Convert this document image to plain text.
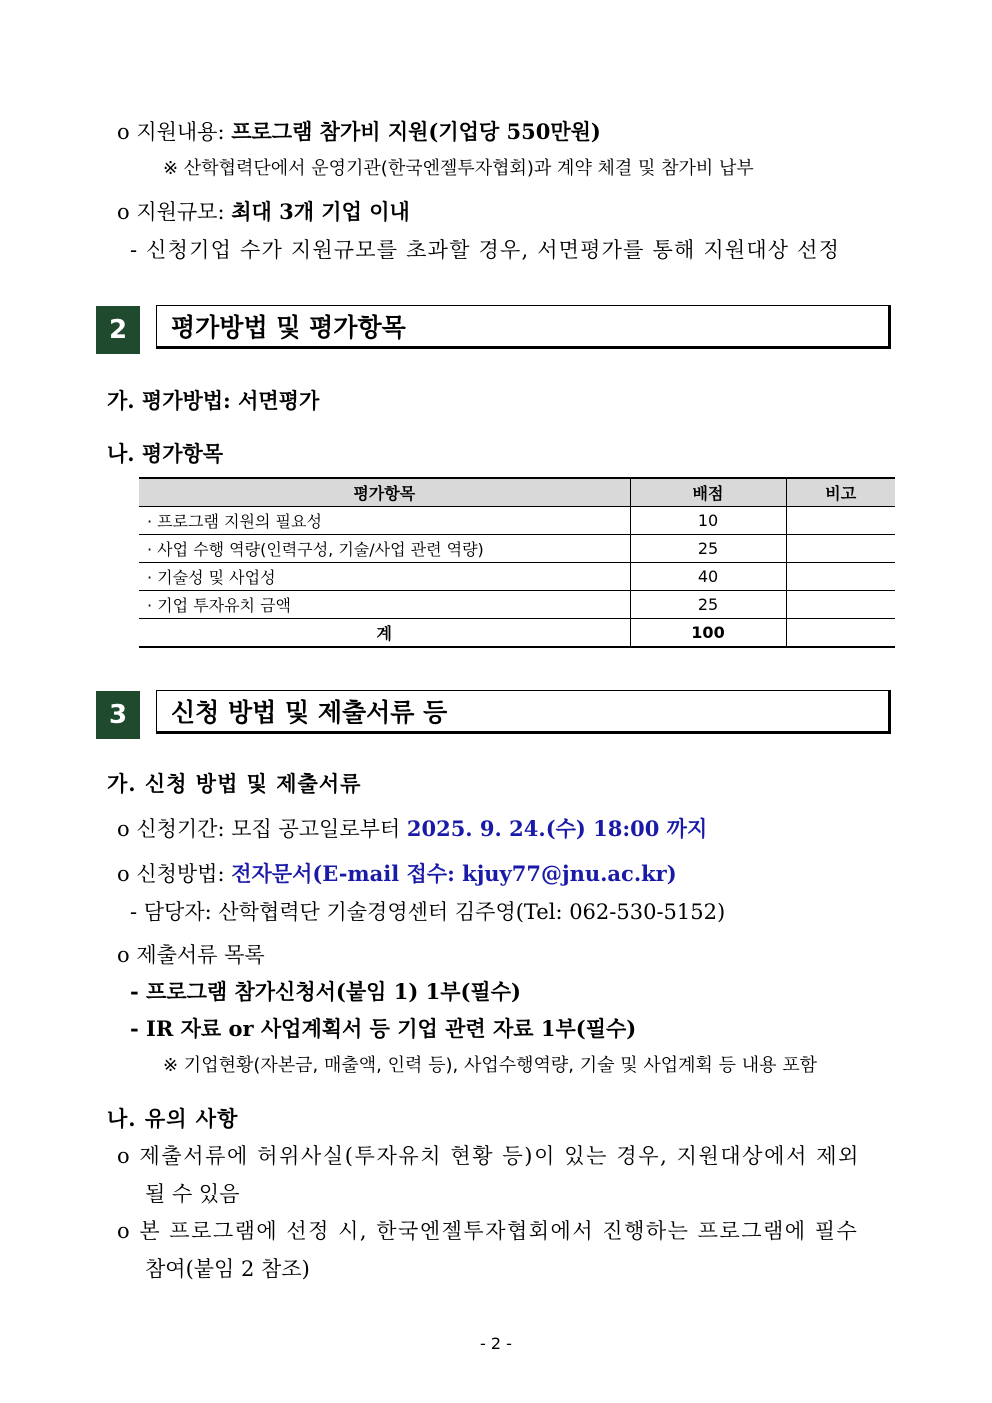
o 지원내용: 프로그램 참가비 지원(기업당 550만원)
※ 산학협력단에서 운영기관(한국엔젤투자협회)과 계약 체결 및 참가비 납부
o 지원규모: 최대 3개 기업 이내
- 신청기업 수가 지원규모를 초과할 경우, 서면평가를 통해 지원대상 선정
2	평가방법 및 평가항목
가. 평가방법: 서면평가
나. 평가항목
평가항목	배점	비고
· 프로그램 지원의 필요성	10	
· 사업 수행 역량(인력구성, 기술/사업 관련 역량)	25	
· 기술성 및 사업성	40	
· 기업 투자유치 금액	25	
계	100	
3	신청 방법 및 제출서류 등
가. 신청 방법 및 제출서류
o 신청기간: 모집 공고일로부터 2025. 9. 24.(수) 18:00 까지
o 신청방법: 전자문서(E-mail 접수: kjuy77@jnu.ac.kr)
- 담당자: 산학협력단 기술경영센터 김주영(Tel: 062-530-5152)
o 제출서류 목록
- 프로그램 참가신청서(붙임 1) 1부(필수)
- IR 자료 or 사업계획서 등 기업 관련 자료 1부(필수)
※ 기업현황(자본금, 매출액, 인력 등), 사업수행역량, 기술 및 사업계획 등 내용 포함
나. 유의 사항
o 제출서류에 허위사실(투자유치 현황 등)이 있는 경우, 지원대상에서 제외
될 수 있음
o 본 프로그램에 선정 시, 한국엔젤투자협회에서 진행하는 프로그램에 필수
참여(붙임 2 참조)
- 2 -
